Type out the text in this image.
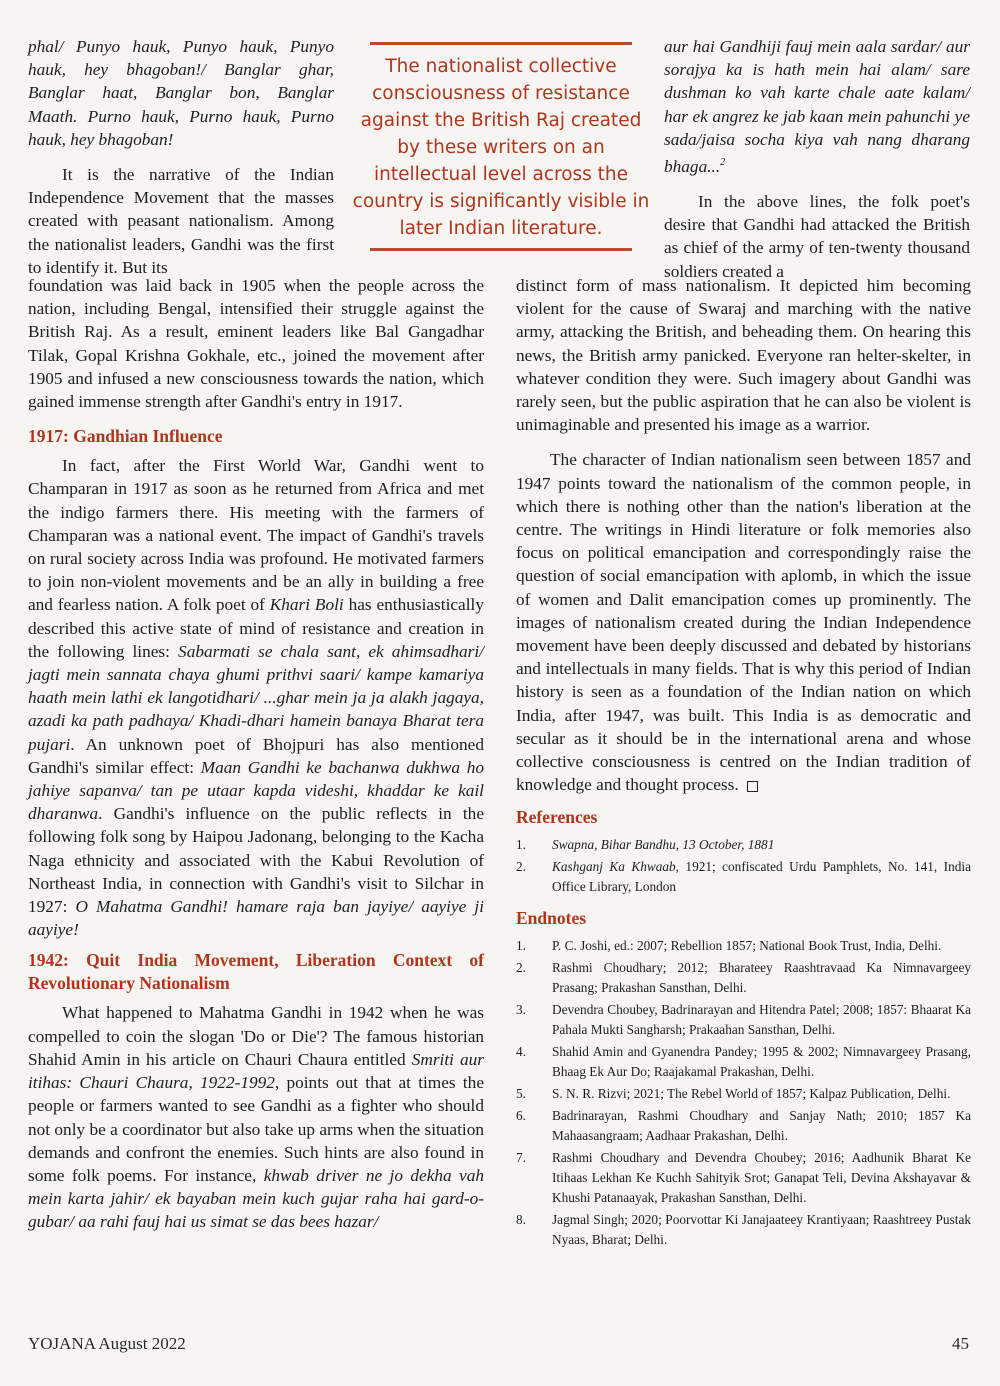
phal/ Punyo hauk, Punyo hauk, Punyo hauk, hey bhagoban!/ Banglar ghar, Banglar haat, Banglar bon, Banglar Maath. Purno hauk, Purno hauk, Purno hauk, hey bhagoban!

It is the narrative of the Indian Independence Movement that the masses created with peasant nationalism. Among the nationalist leaders, Gandhi was the first to identify it. But its

The nationalist collective consciousness of resistance against the British Raj created by these writers on an intellectual level across the country is significantly visible in later Indian literature.

foundation was laid back in 1905 when the people across the nation, including Bengal, intensified their struggle against the British Raj. As a result, eminent leaders like Bal Gangadhar Tilak, Gopal Krishna Gokhale, etc., joined the movement after 1905 and infused a new consciousness towards the nation, which gained immense strength after Gandhi's entry in 1917.

1917: Gandhian Influence

In fact, after the First World War, Gandhi went to Champaran in 1917 as soon as he returned from Africa and met the indigo farmers there. His meeting with the farmers of Champaran was a national event. The impact of Gandhi's travels on rural society across India was profound. He motivated farmers to join non-violent movements and be an ally in building a free and fearless nation. A folk poet of Khari Boli has enthusiastically described this active state of mind of resistance and creation in the following lines: Sabarmati se chala sant, ek ahimsadhari/ jagti mein sannata chaya ghumi prithvi saari/ kampe kamariya haath mein lathi ek langotidhari/ ...ghar mein ja ja alakh jagaya, azadi ka path padhaya/ Khadi-dhari hamein banaya Bharat tera pujari. An unknown poet of Bhojpuri has also mentioned Gandhi's similar effect: Maan Gandhi ke bachanwa dukhwa ho jahiye sapanva/ tan pe utaar kapda videshi, khaddar ke kail dharanwa. Gandhi's influence on the public reflects in the following folk song by Haipou Jadonang, belonging to the Kacha Naga ethnicity and associated with the Kabui Revolution of Northeast India, in connection with Gandhi's visit to Silchar in 1927: O Mahatma Gandhi! hamare raja ban jayiye/ aayiye ji aayiye!

1942: Quit India Movement, Liberation Context of Revolutionary Nationalism

What happened to Mahatma Gandhi in 1942 when he was compelled to coin the slogan 'Do or Die'? The famous historian Shahid Amin in his article on Chauri Chaura entitled Smriti aur itihas: Chauri Chaura, 1922-1992, points out that at times the people or farmers wanted to see Gandhi as a fighter who should not only be a coordinator but also take up arms when the situation demands and confront the enemies. Such hints are also found in some folk poems. For instance, khwab driver ne jo dekha vah mein karta jahir/ ek bayaban mein kuch gujar raha hai gard-o-gubar/ aa rahi fauj hai us simat se das bees hazar/

aur hai Gandhiji fauj mein aala sardar/ aur sorajya ka is hath mein hai alam/ sare dushman ko vah karte chale aate kalam/ har ek angrez ke jab kaan mein pahunchi ye sada/jaisa socha kiya vah nang dharang bhaga...$^2$

In the above lines, the folk poet's desire that Gandhi had attacked the British as chief of the army of ten-twenty thousand soldiers created a

distinct form of mass nationalism. It depicted him becoming violent for the cause of Swaraj and marching with the native army, attacking the British, and beheading them. On hearing this news, the British army panicked. Everyone ran helter-skelter, in whatever condition they were. Such imagery about Gandhi was rarely seen, but the public aspiration that he can also be violent is unimaginable and presented his image as a warrior.

The character of Indian nationalism seen between 1857 and 1947 points toward the nationalism of the common people, in which there is nothing other than the nation's liberation at the centre. The writings in Hindi literature or folk memories also focus on political emancipation and correspondingly raise the question of social emancipation with aplomb, in which the issue of women and Dalit emancipation comes up prominently. The images of nationalism created during the Indian Independence movement have been deeply discussed and debated by historians and intellectuals in many fields. That is why this period of Indian history is seen as a foundation of the Indian nation on which India, after 1947, was built. This India is as democratic and secular as it should be in the international arena and whose collective consciousness is centred on the Indian tradition of knowledge and thought process.

References
1. Swapna, Bihar Bandhu, 13 October, 1881
2. Kashganj Ka Khwaab, 1921; confiscated Urdu Pamphlets, No. 141, India Office Library, London
Endnotes
1. P. C. Joshi, ed.: 2007; Rebellion 1857; National Book Trust, India, Delhi.
2. Rashmi Choudhary; 2012; Bharateey Raashtravaad Ka Nimnavargeey Prasang; Prakashan Sansthan, Delhi.
3. Devendra Choubey, Badrinarayan and Hitendra Patel; 2008; 1857: Bhaarat Ka Pahala Mukti Sangharsh; Prakaahan Sansthan, Delhi.
4. Shahid Amin and Gyanendra Pandey; 1995 & 2002; Nimnavargeey Prasang, Bhaag Ek Aur Do; Raajakamal Prakashan, Delhi.
5. S. N. R. Rizvi; 2021; The Rebel World of 1857; Kalpaz Publication, Delhi.
6. Badrinarayan, Rashmi Choudhary and Sanjay Nath; 2010; 1857 Ka Mahaasangraam; Aadhaar Prakashan, Delhi.
7. Rashmi Choudhary and Devendra Choubey; 2016; Aadhunik Bharat Ke Itihaas Lekhan Ke Kuchh Sahityik Srot; Ganapat Teli, Devina Akshayavar & Khushi Patanaayak, Prakashan Sansthan, Delhi.
8. Jagmal Singh; 2020; Poorvottar Ki Janajaateey Krantiyaan; Raashtreey Pustak Nyaas, Bharat; Delhi.
YOJANA August 2022	45
